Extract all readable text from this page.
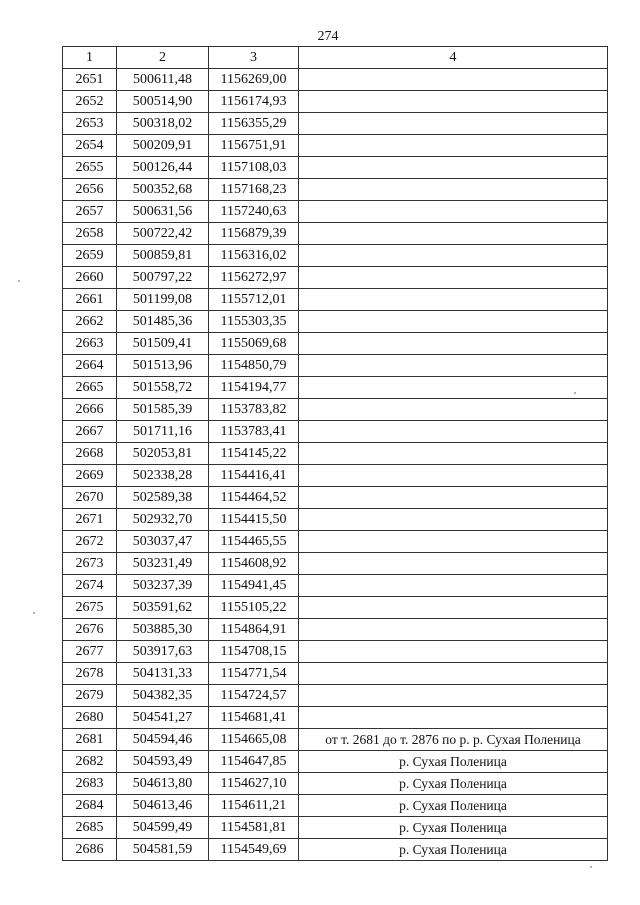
274
1	2	3	4
2651	500611,48	1156269,00	
2652	500514,90	1156174,93	
2653	500318,02	1156355,29	
2654	500209,91	1156751,91	
2655	500126,44	1157108,03	
2656	500352,68	1157168,23	
2657	500631,56	1157240,63	
2658	500722,42	1156879,39	
2659	500859,81	1156316,02	
2660	500797,22	1156272,97	
2661	501199,08	1155712,01	
2662	501485,36	1155303,35	
2663	501509,41	1155069,68	
2664	501513,96	1154850,79	
2665	501558,72	1154194,77	
2666	501585,39	1153783,82	
2667	501711,16	1153783,41	
2668	502053,81	1154145,22	
2669	502338,28	1154416,41	
2670	502589,38	1154464,52	
2671	502932,70	1154415,50	
2672	503037,47	1154465,55	
2673	503231,49	1154608,92	
2674	503237,39	1154941,45	
2675	503591,62	1155105,22	
2676	503885,30	1154864,91	
2677	503917,63	1154708,15	
2678	504131,33	1154771,54	
2679	504382,35	1154724,57	
2680	504541,27	1154681,41	
2681	504594,46	1154665,08	от т. 2681 до т. 2876 по р. р. Сухая Поленица
2682	504593,49	1154647,85	р. Сухая Поленица
2683	504613,80	1154627,10	р. Сухая Поленица
2684	504613,46	1154611,21	р. Сухая Поленица
2685	504599,49	1154581,81	р. Сухая Поленица
2686	504581,59	1154549,69	р. Сухая Поленица
